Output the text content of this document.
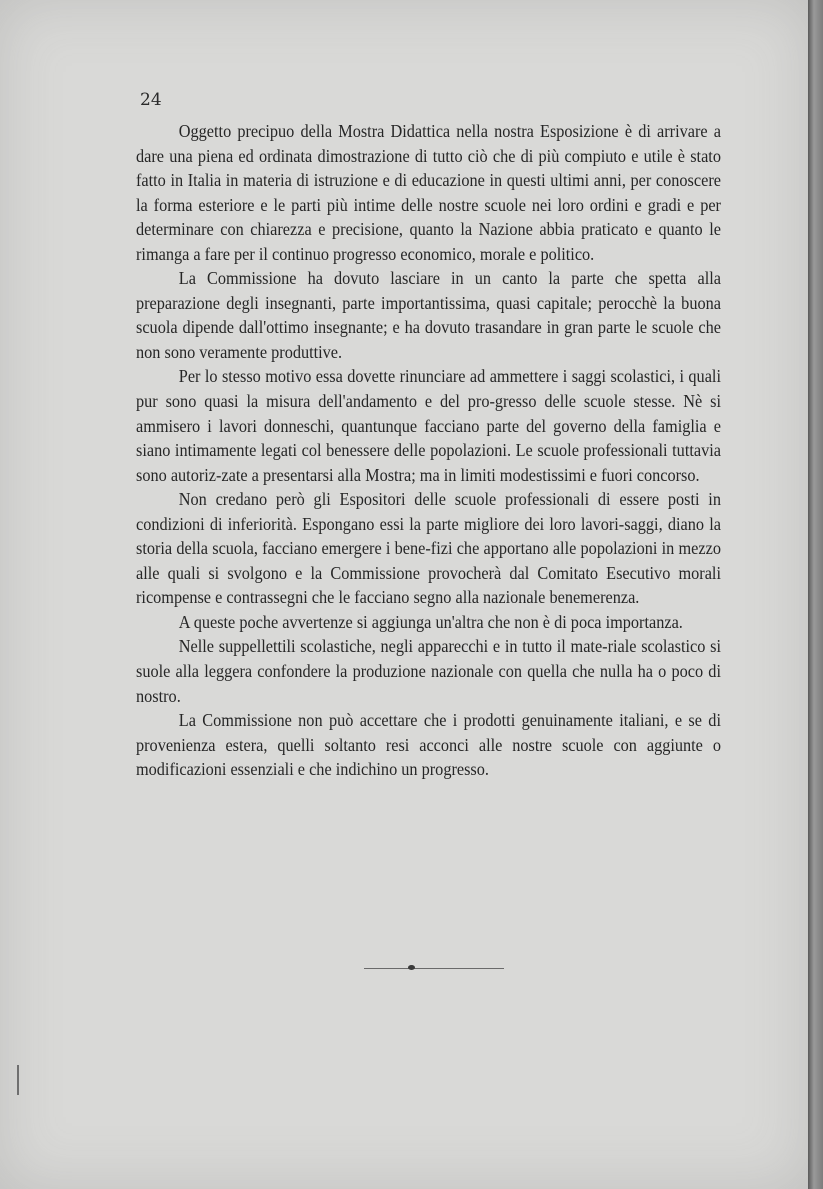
24

Oggetto precipuo della Mostra Didattica nella nostra Esposizione è di arrivare a dare una piena ed ordinata dimostrazione di tutto ciò che di più compiuto e utile è stato fatto in Italia in materia di istruzione e di educazione in questi ultimi anni, per conoscere la forma esteriore e le parti più intime delle nostre scuole nei loro ordini e gradi e per determinare con chiarezza e precisione, quanto la Nazione abbia praticato e quanto le rimanga a fare per il continuo progresso economico, morale e politico.

La Commissione ha dovuto lasciare in un canto la parte che spetta alla preparazione degli insegnanti, parte importantissima, quasi capitale; perocchè la buona scuola dipende dall'ottimo insegnante; e ha dovuto trasandare in gran parte le scuole che non sono veramente produttive.

Per lo stesso motivo essa dovette rinunciare ad ammettere i saggi scolastici, i quali pur sono quasi la misura dell'andamento e del pro-gresso delle scuole stesse. Nè si ammisero i lavori donneschi, quantunque facciano parte del governo della famiglia e siano intimamente legati col benessere delle popolazioni. Le scuole professionali tuttavia sono autoriz-zate a presentarsi alla Mostra; ma in limiti modestissimi e fuori concorso.

Non credano però gli Espositori delle scuole professionali di essere posti in condizioni di inferiorità. Espongano essi la parte migliore dei loro lavori-saggi, diano la storia della scuola, facciano emergere i bene-fizi che apportano alle popolazioni in mezzo alle quali si svolgono e la Commissione provocherà dal Comitato Esecutivo morali ricompense e contrassegni che le facciano segno alla nazionale benemerenza.

A queste poche avvertenze si aggiunga un'altra che non è di poca importanza.

Nelle suppellettili scolastiche, negli apparecchi e in tutto il mate-riale scolastico si suole alla leggera confondere la produzione nazionale con quella che nulla ha o poco di nostro.

La Commissione non può accettare che i prodotti genuinamente italiani, e se di provenienza estera, quelli soltanto resi acconci alle nostre scuole con aggiunte o modificazioni essenziali e che indichino un progresso.
